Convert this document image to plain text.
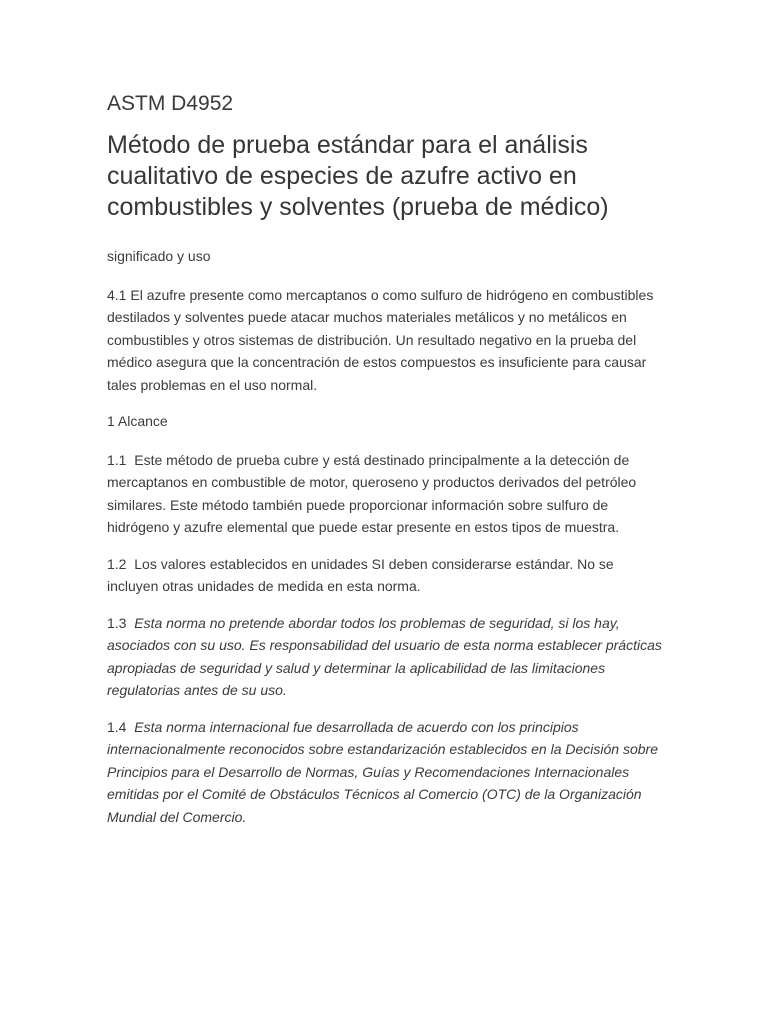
ASTM D4952
Método de prueba estándar para el análisis cualitativo de especies de azufre activo en combustibles y solventes (prueba de médico)

significado y uso

4.1 El azufre presente como mercaptanos o como sulfuro de hidrógeno en combustibles destilados y solventes puede atacar muchos materiales metálicos y no metálicos en combustibles y otros sistemas de distribución. Un resultado negativo en la prueba del médico asegura que la concentración de estos compuestos es insuficiente para causar tales problemas en el uso normal.

1 Alcance

1.1 Este método de prueba cubre y está destinado principalmente a la detección de mercaptanos en combustible de motor, queroseno y productos derivados del petróleo similares. Este método también puede proporcionar información sobre sulfuro de hidrógeno y azufre elemental que puede estar presente en estos tipos de muestra.

1.2 Los valores establecidos en unidades SI deben considerarse estándar. No se incluyen otras unidades de medida en esta norma.

1.3 Esta norma no pretende abordar todos los problemas de seguridad, si los hay, asociados con su uso. Es responsabilidad del usuario de esta norma establecer prácticas apropiadas de seguridad y salud y determinar la aplicabilidad de las limitaciones regulatorias antes de su uso.

1.4 Esta norma internacional fue desarrollada de acuerdo con los principios internacionalmente reconocidos sobre estandarización establecidos en la Decisión sobre Principios para el Desarrollo de Normas, Guías y Recomendaciones Internacionales emitidas por el Comité de Obstáculos Técnicos al Comercio (OTC) de la Organización Mundial del Comercio.
